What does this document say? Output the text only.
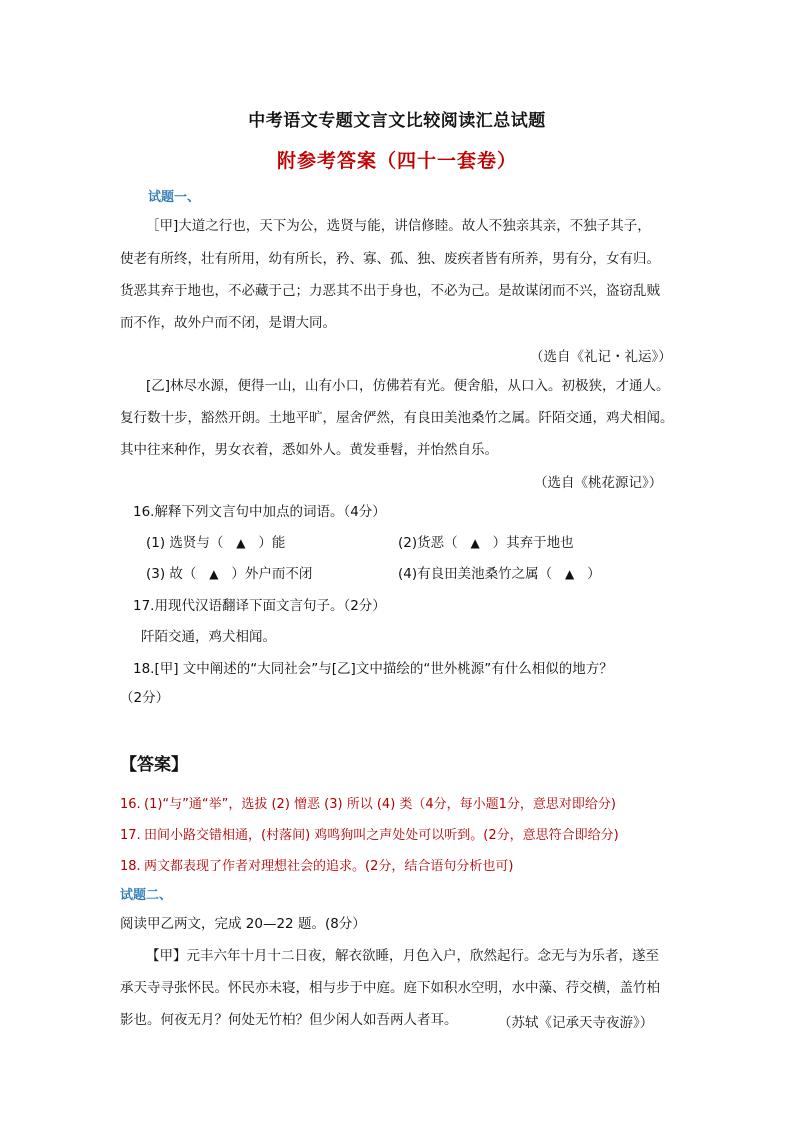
中考语文专题文言文比较阅读汇总试题
附参考答案（四十一套卷）
试题一、
［甲]大道之行也，天下为公，选贤与能，讲信修睦。故人不独亲其亲，不独子其子，
使老有所终，壮有所用，幼有所长，矜、寡、孤、独、废疾者皆有所养，男有分，女有归。
货恶其弃于地也，不必藏于己；力恶其不出于身也，不必为己。是故谋闭而不兴，盗窃乱贼
而不作，故外户而不闭，是谓大同。
（选自《礼记・礼运》）
[乙]林尽水源，便得一山，山有小口，仿佛若有光。便舍船，从口入。初极狭，才通人。
复行数十步，豁然开朗。土地平旷，屋舍俨然，有良田美池桑竹之属。阡陌交通，鸡犬相闻。
其中往来种作，男女衣着，悉如外人。黄发垂髫，并怡然自乐。
（选自《桃花源记》）
16.解释下列文言句中加点的词语。（4分）
(1) 选贤与（ ▲ ）能	(2)货恶（ ▲ ）其弃于地也
(3) 故（ ▲ ）外户而不闭	(4)有良田美池桑竹之属（ ▲ ）
17.用现代汉语翻译下面文言句子。（2分）
阡陌交通，鸡犬相闻。
18.[甲] 文中阐述的“大同社会”与[乙]文中描绘的“世外桃源”有什么相似的地方？
（2分）
【答案】
16. (1)“与”通“举”，选拔 (2) 憎恶 (3) 所以 (4) 类（4分，每小题1分，意思对即给分)
17. 田间小路交错相通，(村落间) 鸡鸣狗叫之声处处可以听到。(2分，意思符合即给分)
18. 两文都表现了作者对理想社会的追求。(2分，结合语句分析也可)
试题二、
阅读甲乙两文，完成 20—22 题。(8分）
【甲】元丰六年十月十二日夜，解衣欲睡，月色入户，欣然起行。念无与为乐者，遂至
承天寺寻张怀民。怀民亦未寝，相与步于中庭。庭下如积水空明，水中藻、荇交横，盖竹柏
影也。何夜无月？何处无竹柏？但少闲人如吾两人者耳。	（苏轼《记承天寺夜游》）
